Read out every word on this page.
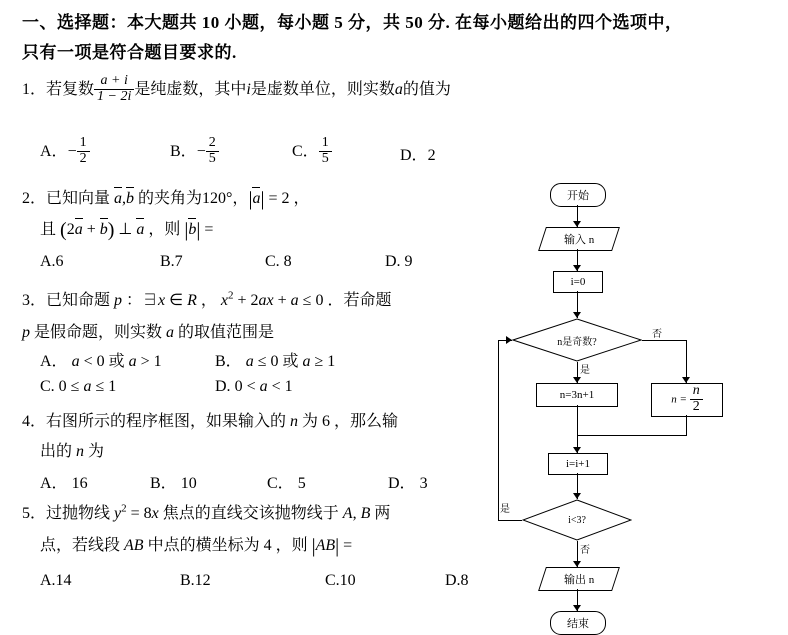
一、选择题：本大题共 10 小题，每小题 5 分，共 50 分. 在每小题给出的四个选项中，
只有一项是符合题目要求的.
1．若复数 $\frac{a + i}{1 - 2i}$ 是纯虚数，其中i是虚数单位，则实数a的值为
A．− $\frac{1}{2}$	B．− $\frac{2}{5}$	C． $\frac{1}{5}$	D．2
2．已知向量 a,b 的夹角为120°，|a| = 2 ，
且 (2a + b) ⊥ a ，则 |b| =
A.6	B.7	C. 8	D. 9
3．已知命题 p ：∃x ∈ R ， $x^2 + 2ax + a \le 0$ ．若命题
p 是假命题，则实数 a 的取值范围是
A． a < 0 或 a > 1	B． a ≤ 0 或 a ≥ 1
C. 0 ≤ a ≤ 1	D. 0 < a < 1
4．右图所示的程序框图，如果输入的 n 为 6 ，那么输
出的 n 为
A． 16	B． 10	C． 5	D． 3
5．过抛物线 $y^2 = 8x$ 焦点的直线交该抛物线于 A, B 两
点，若线段 AB 中点的横坐标为 4 ，则 |AB| =
A.14	B.12	C.10	D.8
开始
输入 n
i=0
n是奇数?
是
否
n=3n+1	$n = \frac{n}{2}$
i=i+1
i<3?
是
否
输出 n
结束
